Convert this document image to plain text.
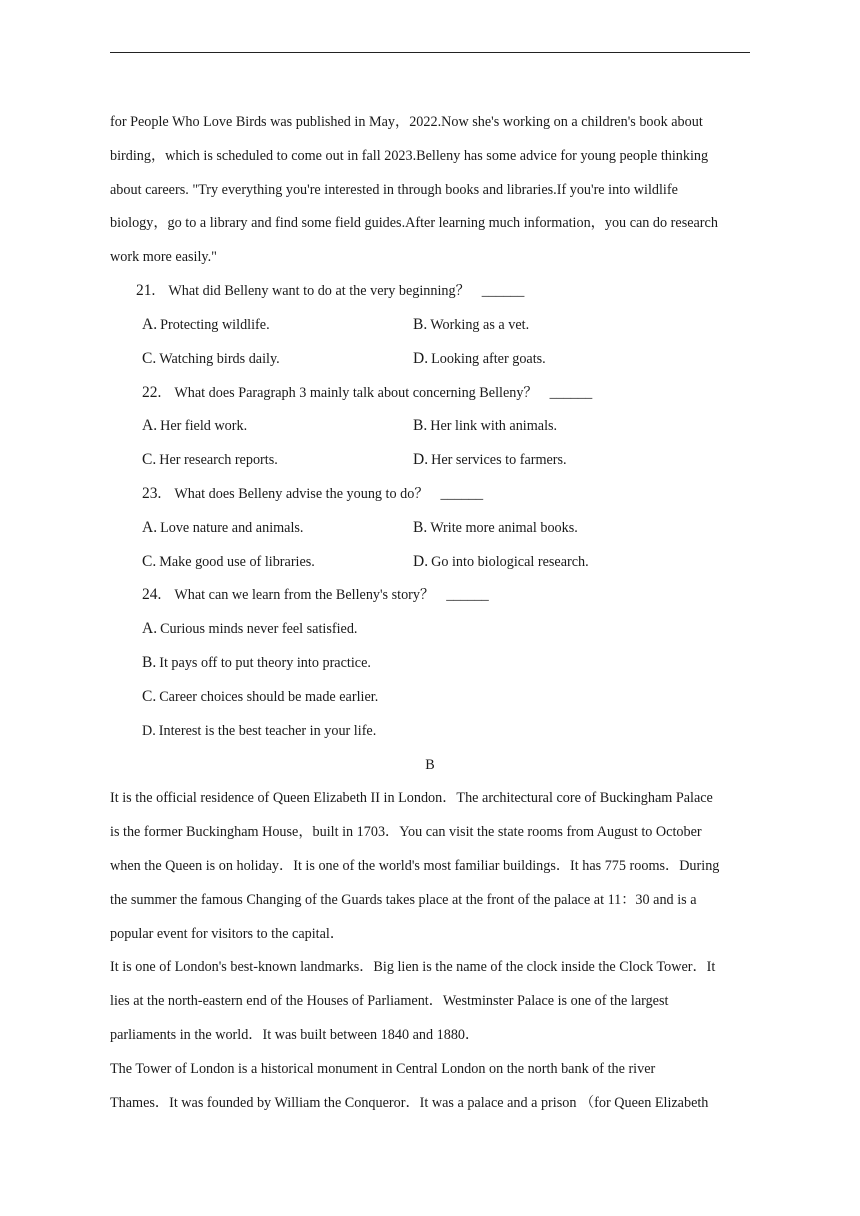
for People Who Love Birds was published in May，2022.Now she's working on a children's book about
birding，which is scheduled to come out in fall 2023.Belleny has some advice for young people thinking
about careers. "Try everything you're interested in through books and libraries.If you're into wildlife
biology，go to a library and find some field guides.After learning much information，you can do research
work more easily."
21. What did Belleny want to do at the very beginning？ ______
A. Protecting wildlife.	B. Working as a vet.
C. Watching birds daily.	D. Looking after goats.
22. What does Paragraph 3 mainly talk about concerning Belleny？ ______
A. Her field work.	B. Her link with animals.
C. Her research reports.	D. Her services to farmers.
23. What does Belleny advise the young to do？ ______
A. Love nature and animals.	B. Write more animal books.
C. Make good use of libraries.	D. Go into biological research.
24. What can we learn from the Belleny's story？ ______
A. Curious minds never feel satisfied.
B. It pays off to put theory into practice.
C. Career choices should be made earlier.
D. Interest is the best teacher in your life.
B
It is the official residence of Queen Elizabeth II in London．The architectural core of Buckingham Palace
is the former Buckingham House，built in 1703．You can visit the state rooms from August to October
when the Queen is on holiday．It is one of the world's most familiar buildings．It has 775 rooms．During
the summer the famous Changing of the Guards takes place at the front of the palace at 11：30 and is a
popular event for visitors to the capital．
It is one of London's best-known landmarks．Big lien is the name of the clock inside the Clock Tower．It
lies at the north-eastern end of the Houses of Parliament．Westminster Palace is one of the largest
parliaments in the world．It was built between 1840 and 1880．
The Tower of London is a historical monument in Central London on the north bank of the river
Thames．It was founded by William the Conqueror．It was a palace and a prison （for Queen Elizabeth
